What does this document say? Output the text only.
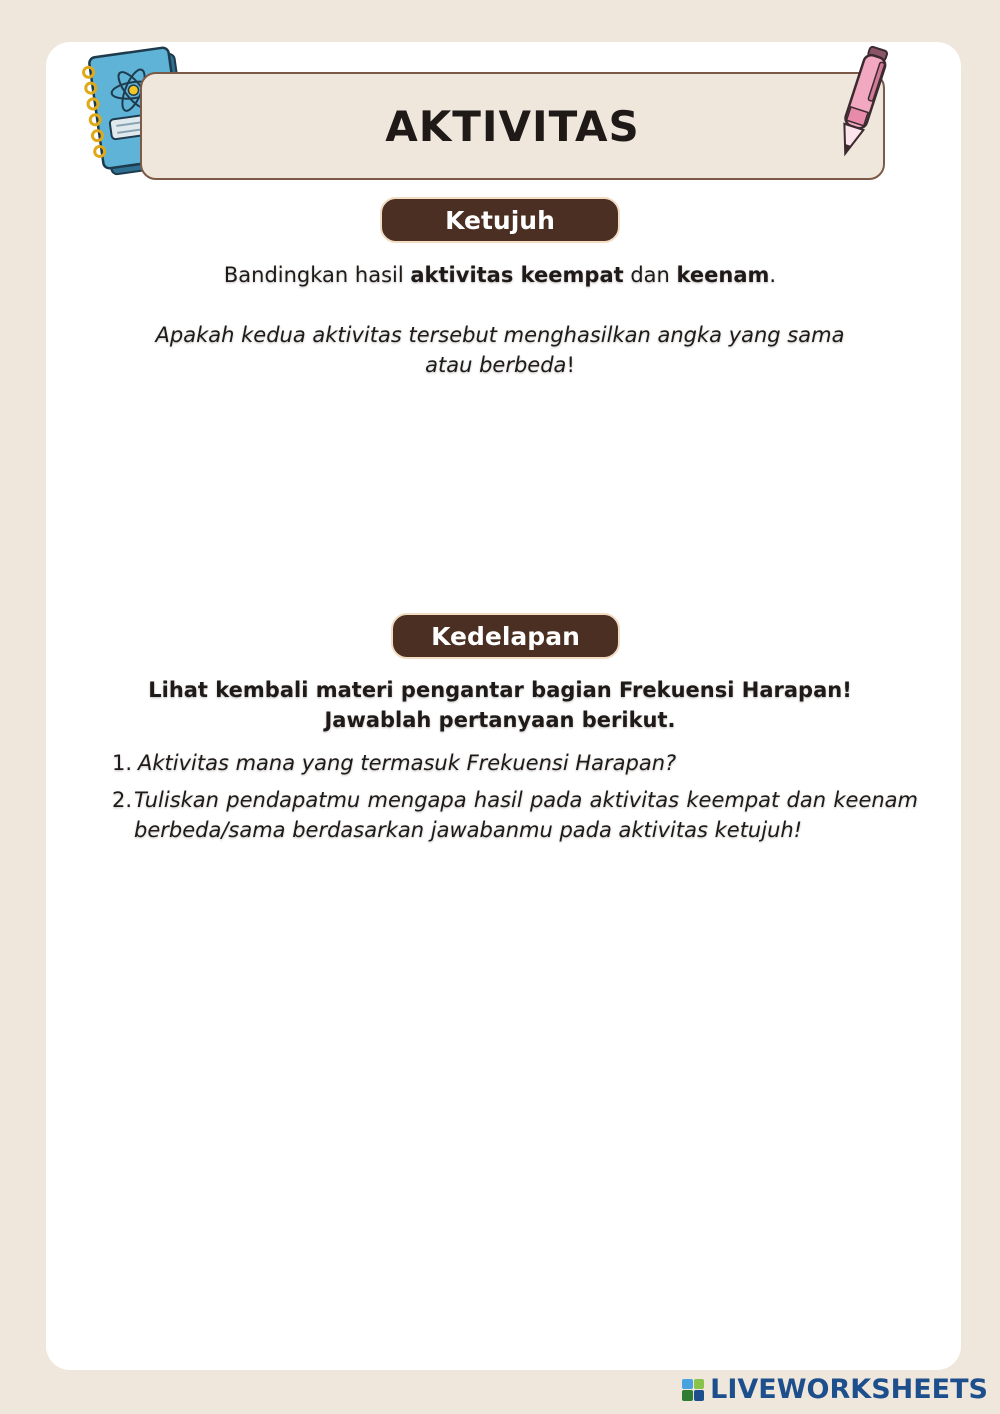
AKTIVITAS
Ketujuh
Bandingkan hasil aktivitas keempat dan keenam.
Apakah kedua aktivitas tersebut menghasilkan angka yang sama atau berbeda!
Kedelapan
Lihat kembali materi pengantar bagian Frekuensi Harapan!
Jawablah pertanyaan berikut.
1. Aktivitas mana yang termasuk Frekuensi Harapan?
2. Tuliskan pendapatmu mengapa hasil pada aktivitas keempat dan keenam berbeda/sama berdasarkan jawabanmu pada aktivitas ketujuh!
LIVEWORKSHEETS
